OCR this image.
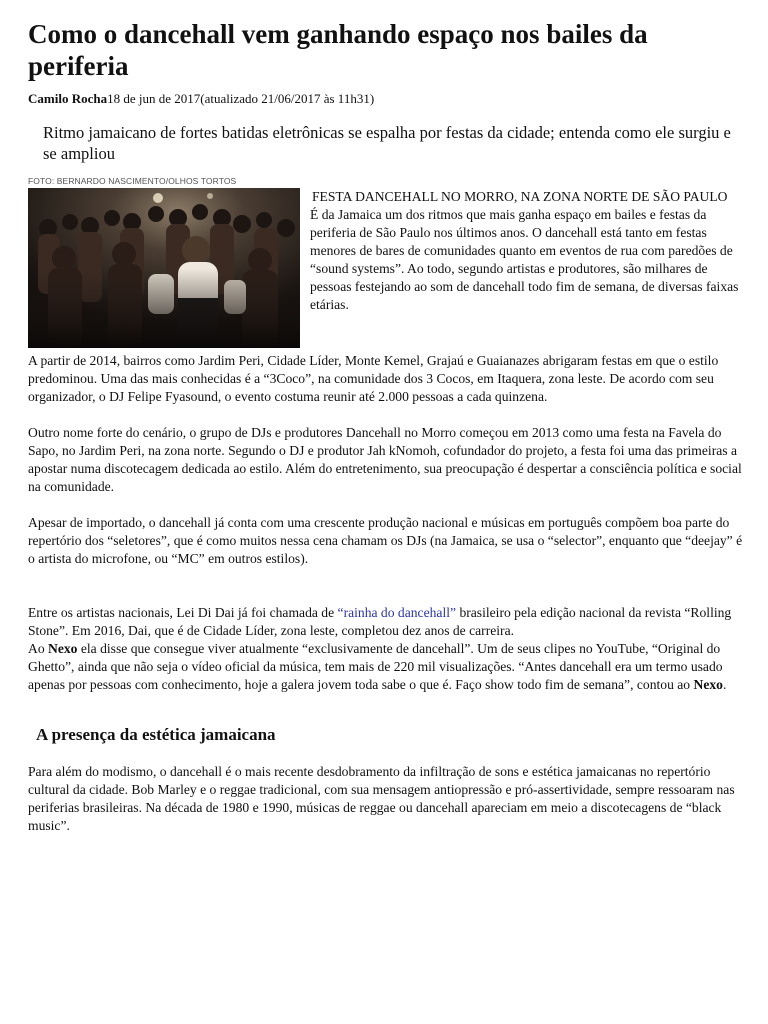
Como o dancehall vem ganhando espaço nos bailes da periferia
Camilo Rocha18 de jun de 2017(atualizado 21/06/2017 às 11h31)
Ritmo jamaicano de fortes batidas eletrônicas se espalha por festas da cidade; entenda como ele surgiu e se ampliou
FOTO: BERNARDO NASCIMENTO/OLHOS TORTOS
FESTA DANCEHALL NO MORRO, NA ZONA NORTE DE SÃO PAULO

É da Jamaica um dos ritmos que mais ganha espaço em bailes e festas da periferia de São Paulo nos últimos anos. O dancehall está tanto em festas menores de bares de comunidades quanto em eventos de rua com paredões de “sound systems”. Ao todo, segundo artistas e produtores, são milhares de pessoas festejando ao som de dancehall todo fim de semana, de diversas faixas etárias.

A partir de 2014, bairros como Jardim Peri, Cidade Líder, Monte Kemel, Grajaú e Guaianazes abrigaram festas em que o estilo predominou. Uma das mais conhecidas é a “3Coco”, na comunidade dos 3 Cocos, em Itaquera, zona leste. De acordo com seu organizador, o DJ Felipe Fyasound, o evento costuma reunir até 2.000 pessoas a cada quinzena.

Outro nome forte do cenário, o grupo de DJs e produtores Dancehall no Morro começou em 2013 como uma festa na Favela do Sapo, no Jardim Peri, na zona norte. Segundo o DJ e produtor Jah kNomoh, cofundador do projeto, a festa foi uma das primeiras a apostar numa discotecagem dedicada ao estilo. Além do entretenimento, sua preocupação é despertar a consciência política e social na comunidade.

Apesar de importado, o dancehall já conta com uma crescente produção nacional e músicas em português compõem boa parte do repertório dos “seletores”, que é como muitos nessa cena chamam os DJs (na Jamaica, se usa o “selector”, enquanto que “deejay” é o artista do microfone, ou “MC” em outros estilos).

Entre os artistas nacionais, Lei Di Dai já foi chamada de “rainha do dancehall” brasileiro pela edição nacional da revista “Rolling Stone”. Em 2016, Dai, que é de Cidade Líder, zona leste, completou dez anos de carreira.

Ao Nexo ela disse que consegue viver atualmente “exclusivamente de dancehall”. Um de seus clipes no YouTube, “Original do Ghetto”, ainda que não seja o vídeo oficial da música, tem mais de 220 mil visualizações. “Antes dancehall era um termo usado apenas por pessoas com conhecimento, hoje a galera jovem toda sabe o que é. Faço show todo fim de semana”, contou ao Nexo.

A presença da estética jamaicana

Para além do modismo, o dancehall é o mais recente desdobramento da infiltração de sons e estética jamaicanas no repertório cultural da cidade. Bob Marley e o reggae tradicional, com sua mensagem antiopressão e pró-assertividade, sempre ressoaram nas periferias brasileiras. Na década de 1980 e 1990, músicas de reggae ou dancehall apareciam em meio a discotecagens de “black music”.
